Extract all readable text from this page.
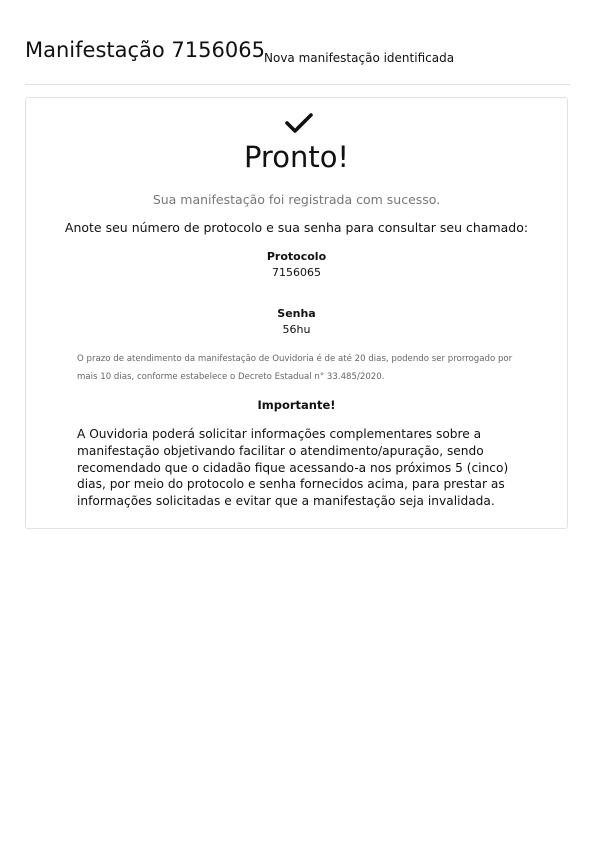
Manifestação 7156065 Nova manifestação identificada
Pronto!
Sua manifestação foi registrada com sucesso.
Anote seu número de protocolo e sua senha para consultar seu chamado:
Protocolo
7156065
Senha
56hu
O prazo de atendimento da manifestação de Ouvidoria é de até 20 dias, podendo ser prorrogado por mais 10 dias, conforme estabelece o Decreto Estadual n° 33.485/2020.
Importante!
A Ouvidoria poderá solicitar informações complementares sobre a manifestação objetivando facilitar o atendimento/apuração, sendo recomendado que o cidadão fique acessando-a nos próximos 5 (cinco) dias, por meio do protocolo e senha fornecidos acima, para prestar as informações solicitadas e evitar que a manifestação seja invalidada.
